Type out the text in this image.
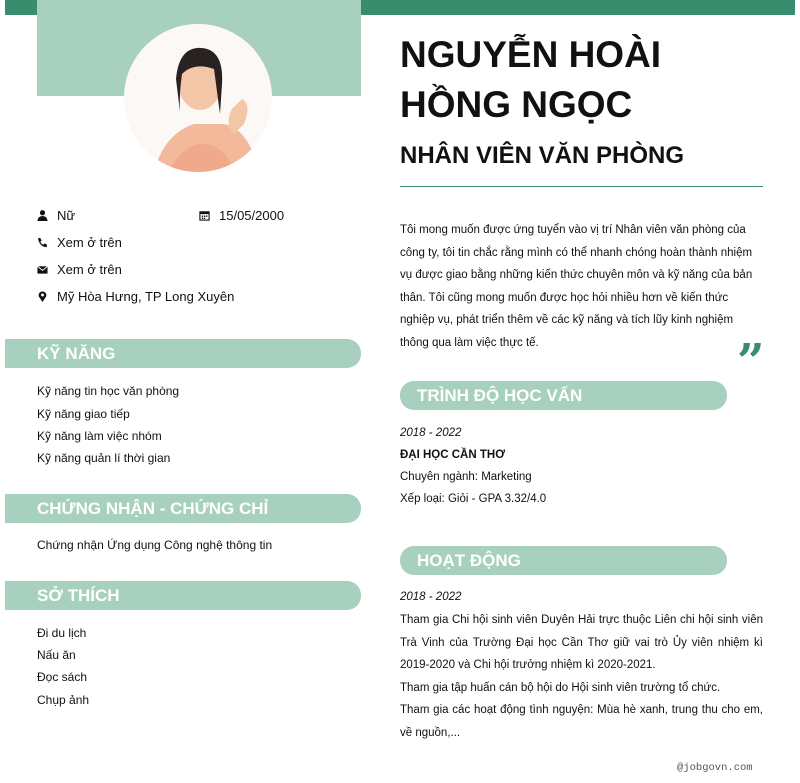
Nữ	15/05/2000
Xem ở trên
Xem ở trên
Mỹ Hòa Hưng, TP Long Xuyên
KỸ NĂNG
Kỹ năng tin học văn phòng
Kỹ năng giao tiếp
Kỹ năng làm việc nhóm
Kỹ năng quản lí thời gian
CHỨNG NHẬN - CHỨNG CHỈ
Chứng nhận Ứng dụng Công nghệ thông tin
SỞ THÍCH
Đi du lịch
Nấu ăn
Đọc sách
Chụp ảnh
NGUYỄN HOÀI
HỒNG NGỌC
NHÂN VIÊN VĂN PHÒNG
Tôi mong muốn được ứng tuyển vào vị trí Nhân viên văn phòng của công ty, tôi tin chắc rằng mình có thể nhanh chóng hoàn thành nhiệm vụ được giao bằng những kiến thức chuyên môn và kỹ năng của bản thân. Tôi cũng mong muốn được học hỏi nhiều hơn về kiến thức nghiệp vụ, phát triển thêm về các kỹ năng và tích lũy kinh nghiệm thông qua làm việc thực tế.	”
TRÌNH ĐỘ HỌC VẤN
2018 - 2022
ĐẠI HỌC CẦN THƠ
Chuyên ngành: Marketing
Xếp loại: Giỏi - GPA 3.32/4.0
HOẠT ĐỘNG
2018 - 2022
Tham gia Chi hội sinh viên Duyên Hải trực thuộc Liên chi hội sinh viên Trà Vinh của Trường Đại học Cần Thơ giữ vai trò Ủy viên nhiệm kì 2019-2020 và Chi hội trưởng nhiệm kì 2020-2021.
Tham gia tập huấn cán bộ hội do Hội sinh viên trường tổ chức.
Tham gia các hoạt động tình nguyện: Mùa hè xanh, trung thu cho em, về nguồn,...
@jobgovn.com
